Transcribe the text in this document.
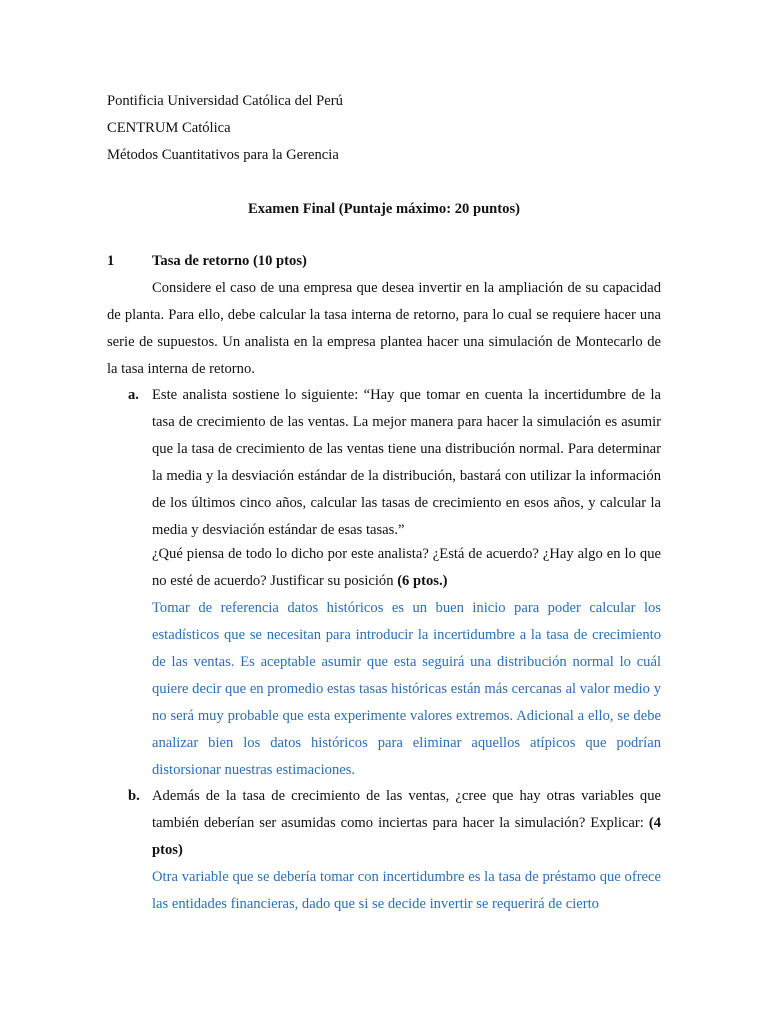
Pontificia Universidad Católica del Perú
CENTRUM Católica
Métodos Cuantitativos para la Gerencia
Examen Final (Puntaje máximo: 20 puntos)
1	Tasa de retorno (10 ptos)
Considere el caso de una empresa que desea invertir en la ampliación de su capacidad de planta. Para ello, debe calcular la tasa interna de retorno, para lo cual se requiere hacer una serie de supuestos. Un analista en la empresa plantea hacer una simulación de Montecarlo de la tasa interna de retorno.
a. Este analista sostiene lo siguiente: “Hay que tomar en cuenta la incertidumbre de la tasa de crecimiento de las ventas. La mejor manera para hacer la simulación es asumir que la tasa de crecimiento de las ventas tiene una distribución normal. Para determinar la media y la desviación estándar de la distribución, bastará con utilizar la información de los últimos cinco años, calcular las tasas de crecimiento en esos años, y calcular la media y desviación estándar de esas tasas.”
¿Qué piensa de todo lo dicho por este analista? ¿Está de acuerdo? ¿Hay algo en lo que no esté de acuerdo? Justificar su posición (6 ptos.)
Tomar de referencia datos históricos es un buen inicio para poder calcular los estadísticos que se necesitan para introducir la incertidumbre a la tasa de crecimiento de las ventas. Es aceptable asumir que esta seguirá una distribución normal lo cuál quiere decir que en promedio estas tasas históricas están más cercanas al valor medio y no será muy probable que esta experimente valores extremos. Adicional a ello, se debe analizar bien los datos históricos para eliminar aquellos atípicos que podrían distorsionar nuestras estimaciones.
b. Además de la tasa de crecimiento de las ventas, ¿cree que hay otras variables que también deberían ser asumidas como inciertas para hacer la simulación? Explicar: (4 ptos)
Otra variable que se debería tomar con incertidumbre es la tasa de préstamo que ofrece las entidades financieras, dado que si se decide invertir se requerirá de cierto
